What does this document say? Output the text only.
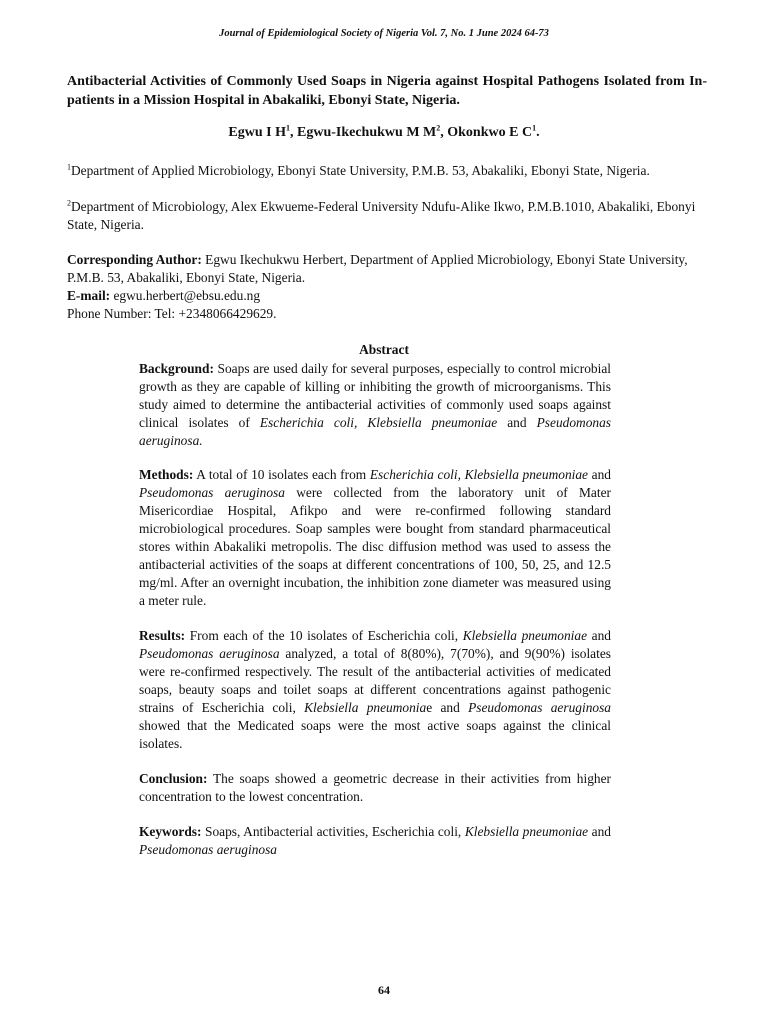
Journal of Epidemiological Society of Nigeria Vol. 7, No. 1 June 2024 64-73
Antibacterial Activities of Commonly Used Soaps in Nigeria against Hospital Pathogens Isolated from In-patients in a Mission Hospital in Abakaliki, Ebonyi State, Nigeria.
Egwu I $H^1$, Egwu-Ikechukwu M $M^2$, Okonkwo E $C^1$.
$^1$Department of Applied Microbiology, Ebonyi State University, P.M.B. 53, Abakaliki, Ebonyi State, Nigeria.
$^2$Department of Microbiology, Alex Ekwueme-Federal University Ndufu-Alike Ikwo, P.M.B.1010, Abakaliki, Ebonyi State, Nigeria.
Corresponding Author: Egwu Ikechukwu Herbert, Department of Applied Microbiology, Ebonyi State University, P.M.B. 53, Abakaliki, Ebonyi State, Nigeria.
E-mail: egwu.herbert@ebsu.edu.ng
Phone Number: Tel: +2348066429629.
Abstract
Background: Soaps are used daily for several purposes, especially to control microbial growth as they are capable of killing or inhibiting the growth of microorganisms. This study aimed to determine the antibacterial activities of commonly used soaps against clinical isolates of Escherichia coli, Klebsiella pneumoniae and Pseudomonas aeruginosa.
Methods: A total of 10 isolates each from Escherichia coli, Klebsiella pneumoniae and Pseudomonas aeruginosa were collected from the laboratory unit of Mater Misericordiae Hospital, Afikpo and were re-confirmed following standard microbiological procedures. Soap samples were bought from standard pharmaceutical stores within Abakaliki metropolis. The disc diffusion method was used to assess the antibacterial activities of the soaps at different concentrations of 100, 50, 25, and 12.5 mg/ml. After an overnight incubation, the inhibition zone diameter was measured using a meter rule.
Results: From each of the 10 isolates of Escherichia coli, Klebsiella pneumoniae and Pseudomonas aeruginosa analyzed, a total of 8(80%), 7(70%), and 9(90%) isolates were re-confirmed respectively. The result of the antibacterial activities of medicated soaps, beauty soaps and toilet soaps at different concentrations against pathogenic strains of Escherichia coli, Klebsiella pneumoniae and Pseudomonas aeruginosa showed that the Medicated soaps were the most active soaps against the clinical isolates.
Conclusion: The soaps showed a geometric decrease in their activities from higher concentration to the lowest concentration.
Keywords: Soaps, Antibacterial activities, Escherichia coli, Klebsiella pneumoniae and Pseudomonas aeruginosa
64
